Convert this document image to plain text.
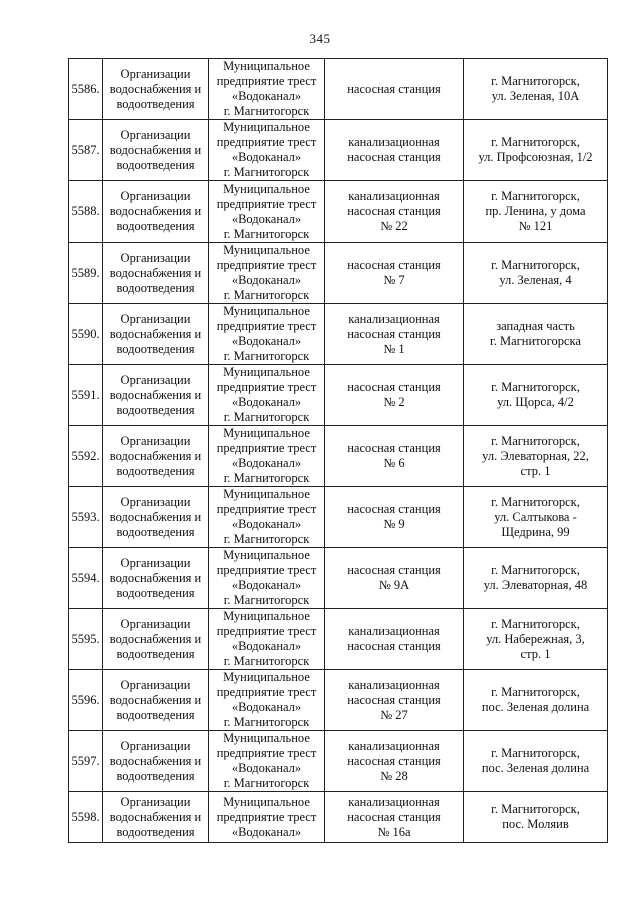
345
5586.	Организации
водоснабжения и
водоотведения	Муниципальное
предприятие трест
«Водоканал»
г. Магнитогорск	насосная станция	г. Магнитогорск,
ул. Зеленая, 10А

5587.	Организации
водоснабжения и
водоотведения	Муниципальное
предприятие трест
«Водоканал»
г. Магнитогорск	канализационная
насосная станция	г. Магнитогорск,
ул. Профсоюзная, 1/2

5588.	Организации
водоснабжения и
водоотведения	Муниципальное
предприятие трест
«Водоканал»
г. Магнитогорск	канализационная
насосная станция
№ 22	г. Магнитогорск,
пр. Ленина, у дома
№ 121

5589.	Организации
водоснабжения и
водоотведения	Муниципальное
предприятие трест
«Водоканал»
г. Магнитогорск	насосная станция
№ 7	г. Магнитогорск,
ул. Зеленая, 4

5590.	Организации
водоснабжения и
водоотведения	Муниципальное
предприятие трест
«Водоканал»
г. Магнитогорск	канализационная
насосная станция
№ 1	западная часть
г. Магнитогорска

5591.	Организации
водоснабжения и
водоотведения	Муниципальное
предприятие трест
«Водоканал»
г. Магнитогорск	насосная станция
№ 2	г. Магнитогорск,
ул. Щорса, 4/2

5592.	Организации
водоснабжения и
водоотведения	Муниципальное
предприятие трест
«Водоканал»
г. Магнитогорск	насосная станция
№ 6	г. Магнитогорск,
ул. Элеваторная, 22,
стр. 1

5593.	Организации
водоснабжения и
водоотведения	Муниципальное
предприятие трест
«Водоканал»
г. Магнитогорск	насосная станция
№ 9	г. Магнитогорск,
ул. Салтыкова -
Щедрина, 99

5594.	Организации
водоснабжения и
водоотведения	Муниципальное
предприятие трест
«Водоканал»
г. Магнитогорск	насосная станция
№ 9А	г. Магнитогорск,
ул. Элеваторная, 48

5595.	Организации
водоснабжения и
водоотведения	Муниципальное
предприятие трест
«Водоканал»
г. Магнитогорск	канализационная
насосная станция	г. Магнитогорск,
ул. Набережная, 3,
стр. 1

5596.	Организации
водоснабжения и
водоотведения	Муниципальное
предприятие трест
«Водоканал»
г. Магнитогорск	канализационная
насосная станция
№ 27	г. Магнитогорск,
пос. Зеленая долина

5597.	Организации
водоснабжения и
водоотведения	Муниципальное
предприятие трест
«Водоканал»
г. Магнитогорск	канализационная
насосная станция
№ 28	г. Магнитогорск,
пос. Зеленая долина

5598.	Организации
водоснабжения и
водоотведения	Муниципальное
предприятие трест
«Водоканал»	канализационная
насосная станция
№ 16а	г. Магнитогорск,
пос. Моляив
